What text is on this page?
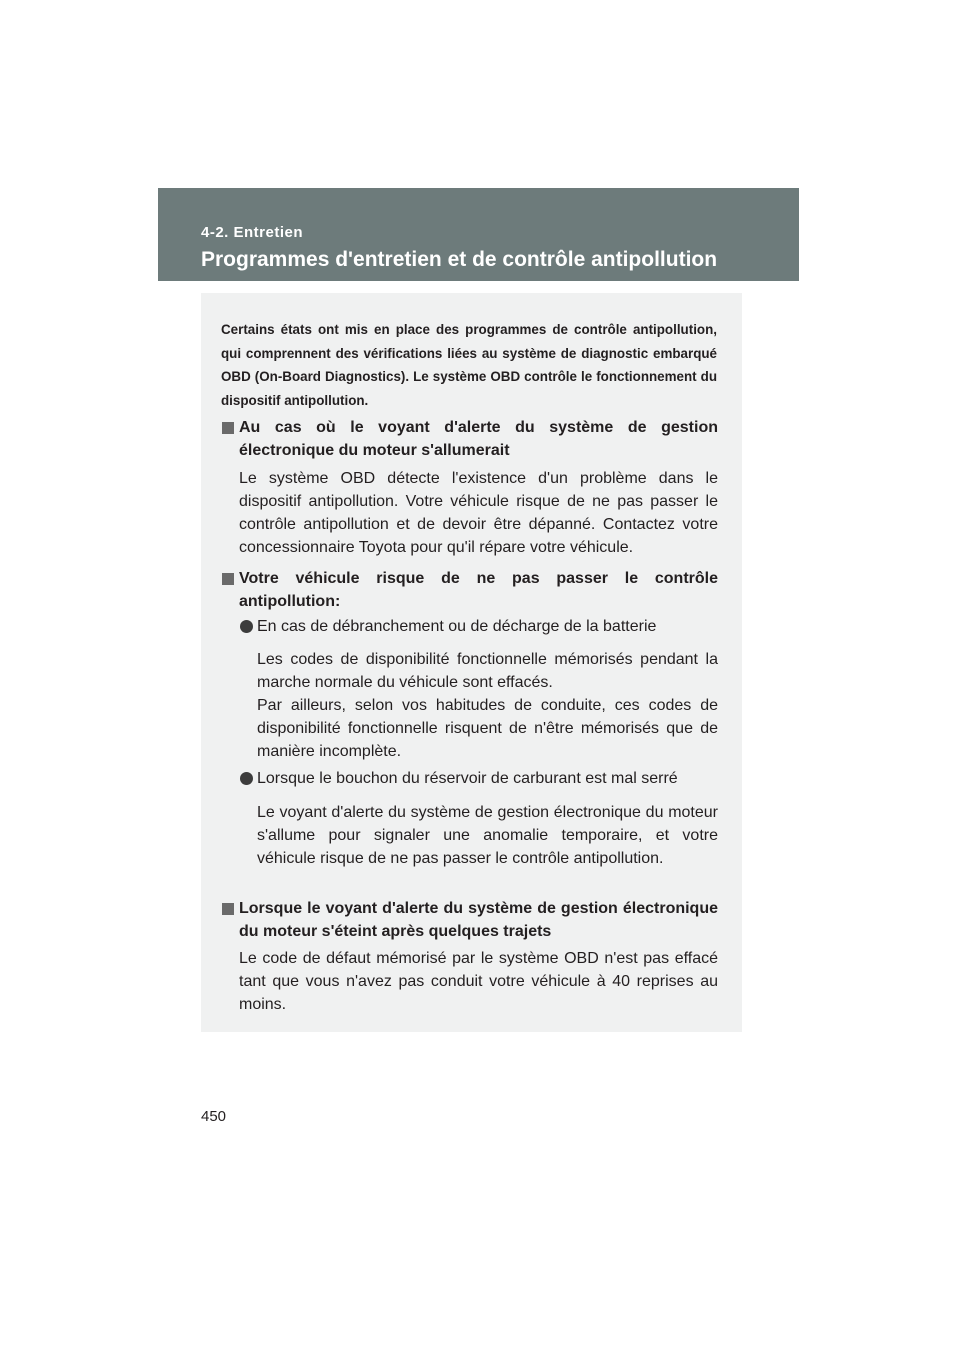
4-2. Entretien
Programmes d'entretien et de contrôle antipollution
Certains états ont mis en place des programmes de contrôle antipollution, qui comprennent des vérifications liées au système de diagnostic embarqué OBD (On-Board Diagnostics). Le système OBD contrôle le fonctionnement du dispositif antipollution.
Au cas où le voyant d'alerte du système de gestion électronique du moteur s'allumerait
Le système OBD détecte l'existence d'un problème dans le dispositif antipollution. Votre véhicule risque de ne pas passer le contrôle antipollution et de devoir être dépanné. Contactez votre concessionnaire Toyota pour qu'il répare votre véhicule.
Votre véhicule risque de ne pas passer le contrôle antipollution:
En cas de débranchement ou de décharge de la batterie

Les codes de disponibilité fonctionnelle mémorisés pendant la marche normale du véhicule sont effacés.

Par ailleurs, selon vos habitudes de conduite, ces codes de disponibilité fonctionnelle risquent de n'être mémorisés que de manière incomplète.

Lorsque le bouchon du réservoir de carburant est mal serré

Le voyant d'alerte du système de gestion électronique du moteur s'allume pour signaler une anomalie temporaire, et votre véhicule risque de ne pas passer le contrôle antipollution.

Lorsque le voyant d'alerte du système de gestion électronique du moteur s'éteint après quelques trajets
Le code de défaut mémorisé par le système OBD n'est pas effacé tant que vous n'avez pas conduit votre véhicule à 40 reprises au moins.
450
